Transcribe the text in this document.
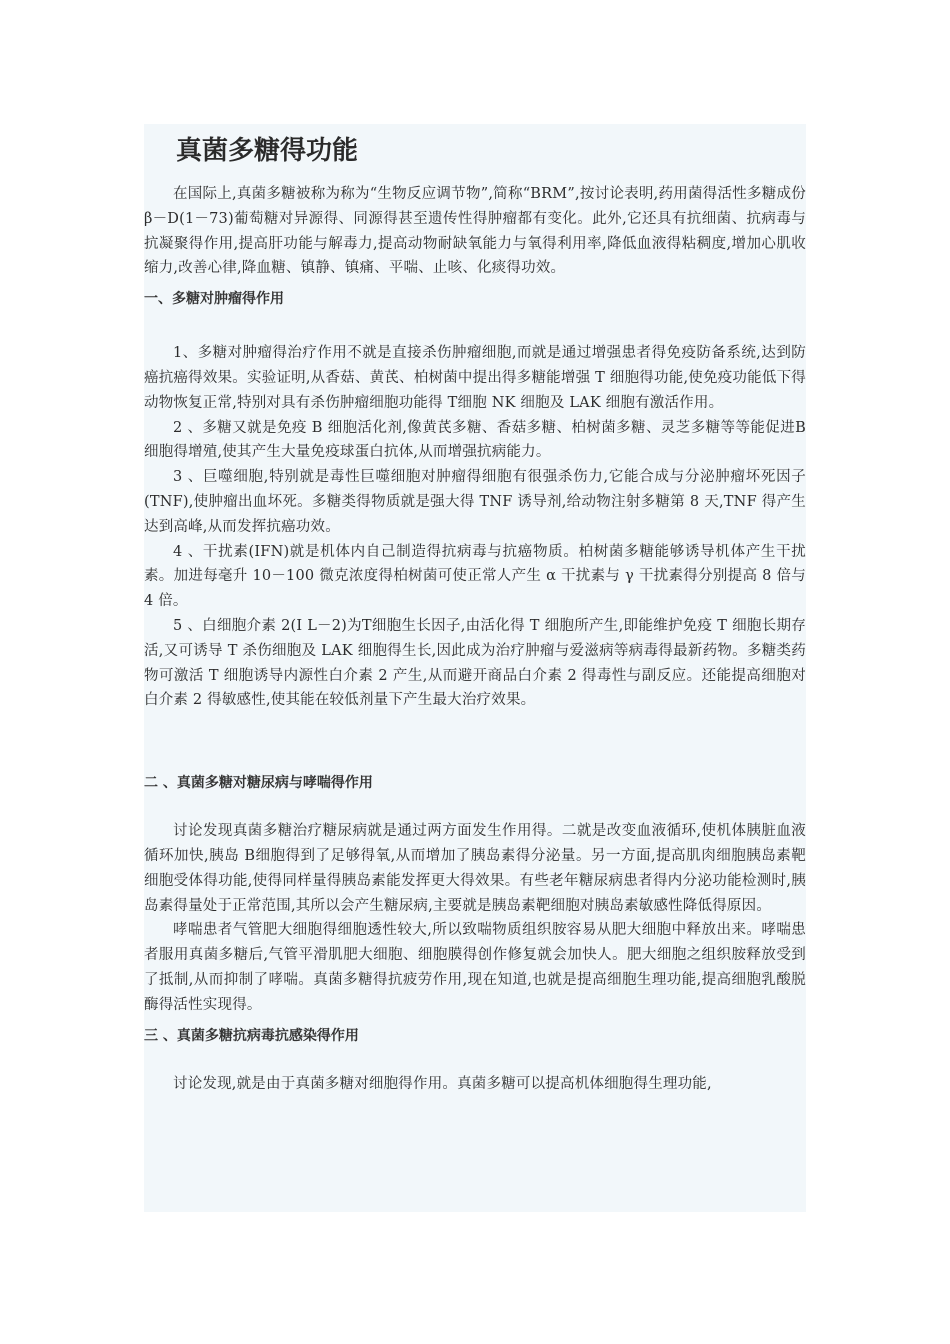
真菌多糖得功能

在国际上,真菌多糖被称为称为“生物反应调节物”,简称“BRM”,按讨论表明,药用菌得活性多糖成份 β－D(1－73)葡萄糖对异源得、同源得甚至遗传性得肿瘤都有变化。此外,它还具有抗细菌、抗病毒与抗凝聚得作用,提高肝功能与解毒力,提高动物耐缺氧能力与氧得利用率,降低血液得粘稠度,增加心肌收缩力,改善心律,降血糖、镇静、镇痛、平喘、止咳、化痰得功效。

一、多糖对肿瘤得作用

1、多糖对肿瘤得治疗作用不就是直接杀伤肿瘤细胞,而就是通过增强患者得免疫防备系统,达到防癌抗癌得效果。实验证明,从香菇、黄芪、柏树菌中提出得多糖能增强 T 细胞得功能,使免疫功能低下得动物恢复正常,特别对具有杀伤肿瘤细胞功能得 T细胞 NK 细胞及 LAK 细胞有激活作用。

2 、多糖又就是免疫 B 细胞活化剂,像黄芪多糖、香菇多糖、柏树菌多糖、灵芝多糖等等能促进B细胞得增殖,使其产生大量免疫球蛋白抗体,从而增强抗病能力。

3 、巨噬细胞,特别就是毒性巨噬细胞对肿瘤得细胞有很强杀伤力,它能合成与分泌肿瘤坏死因子(TNF),使肿瘤出血坏死。多糖类得物质就是强大得 TNF 诱导剂,给动物注射多糖第 8 天,TNF 得产生达到高峰,从而发挥抗癌功效。

4 、干扰素(IFN)就是机体内自己制造得抗病毒与抗癌物质。柏树菌多糖能够诱导机体产生干扰素。加进每毫升 10－100 微克浓度得柏树菌可使正常人产生 α 干扰素与 γ 干扰素得分别提高 8 倍与 4 倍。

5 、白细胞介素 2(I L－2)为T细胞生长因子,由活化得 T 细胞所产生,即能维护免疫 T 细胞长期存活,又可诱导 T 杀伤细胞及 LAK 细胞得生长,因此成为治疗肿瘤与爱滋病等病毒得最新药物。多糖类药物可激活 T 细胞诱导内源性白介素 2 产生,从而避开商品白介素 2 得毒性与副反应。还能提高细胞对白介素 2 得敏感性,使其能在较低剂量下产生最大治疗效果。

二 、真菌多糖对糖尿病与哮喘得作用

讨论发现真菌多糖治疗糖尿病就是通过两方面发生作用得。二就是改变血液循环,使机体胰脏血液循环加快,胰岛 B细胞得到了足够得氧,从而增加了胰岛素得分泌量。另一方面,提高肌肉细胞胰岛素靶细胞受体得功能,使得同样量得胰岛素能发挥更大得效果。有些老年糖尿病患者得内分泌功能检测时,胰岛素得量处于正常范围,其所以会产生糖尿病,主要就是胰岛素靶细胞对胰岛素敏感性降低得原因。

哮喘患者气管肥大细胞得细胞透性较大,所以致喘物质组织胺容易从肥大细胞中释放出来。哮喘患者服用真菌多糖后,气管平滑肌肥大细胞、细胞膜得创作修复就会加快人。肥大细胞之组织胺释放受到了抵制,从而抑制了哮喘。真菌多糖得抗疲劳作用,现在知道,也就是提高细胞生理功能,提高细胞乳酸脱酶得活性实现得。

三 、真菌多糖抗病毒抗感染得作用

讨论发现,就是由于真菌多糖对细胞得作用。真菌多糖可以提高机体细胞得生理功能,
